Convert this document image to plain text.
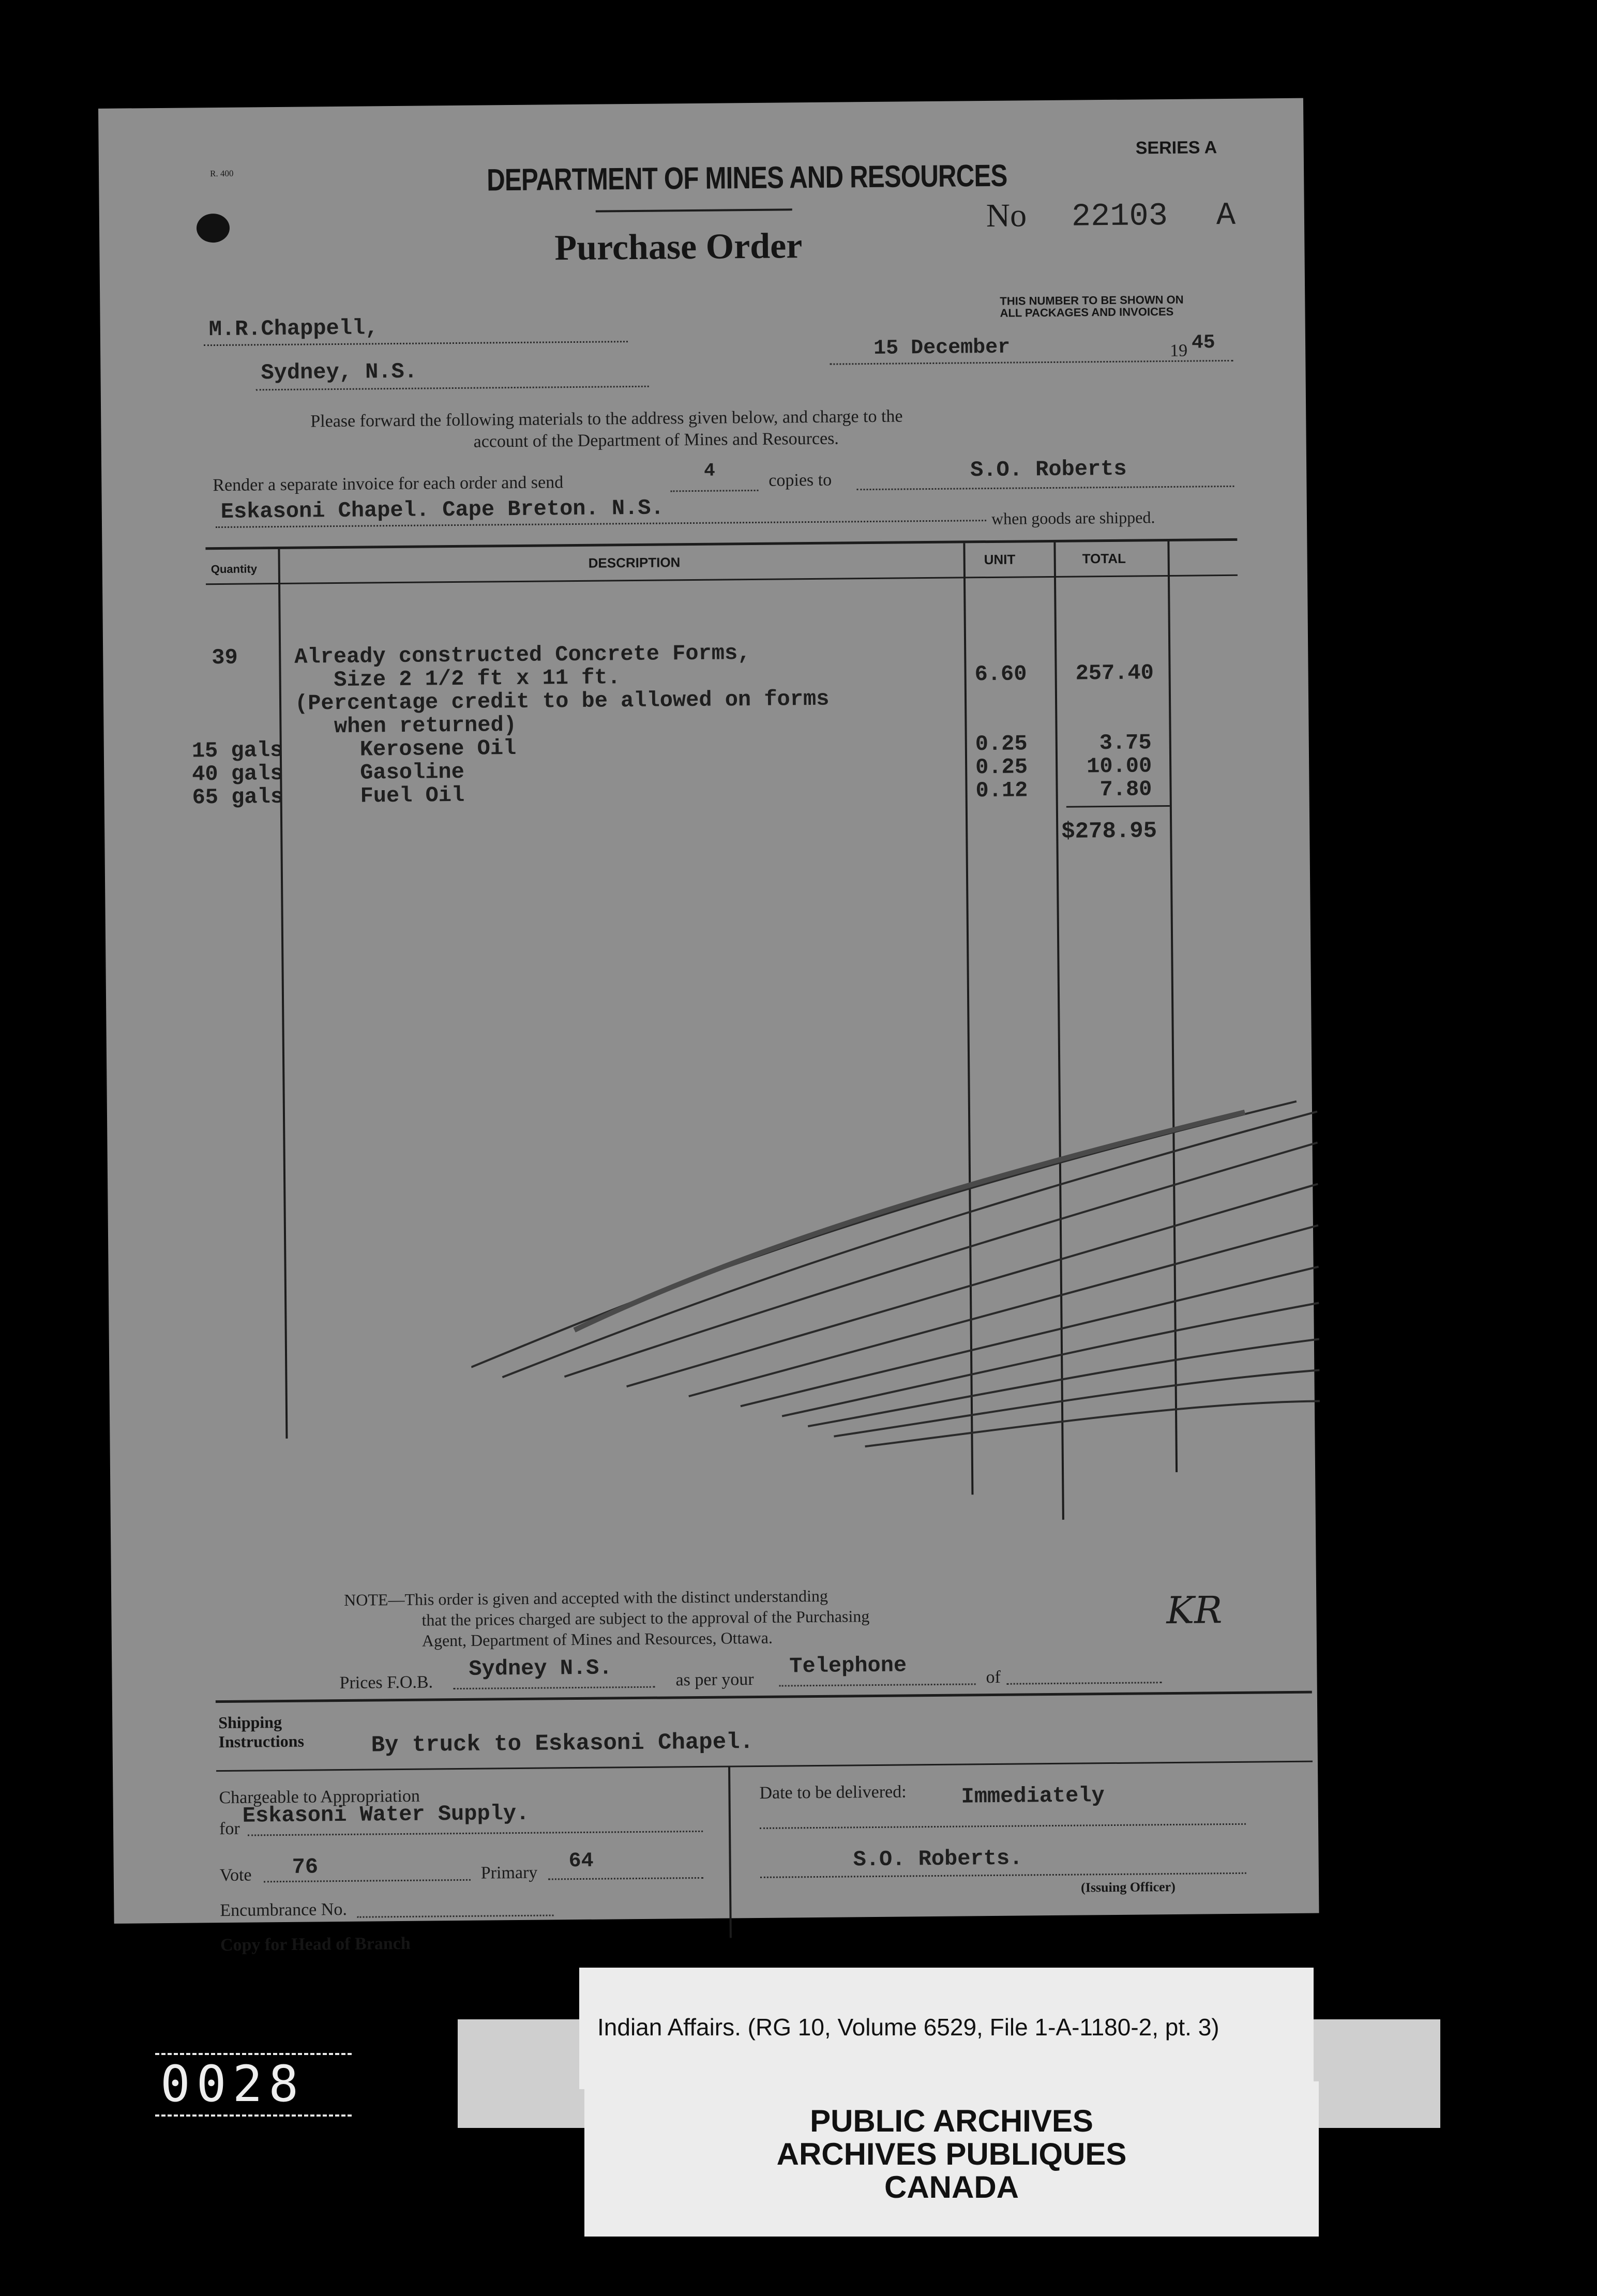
R. 400
SERIES A
DEPARTMENT OF MINES AND RESOURCES
Purchase Order
No 22103 A
THIS NUMBER TO BE SHOWN ON
ALL PACKAGES AND INVOICES
M.R.Chappell,
Sydney, N.S.
15 December	19 45
Please forward the following materials to the address given below, and charge to the
account of the Department of Mines and Resources.
Render a separate invoice for each order and send
4	copies to	S.O. Roberts
Eskasoni Chapel. Cape Breton. N.S.	when goods are shipped.
Quantity	DESCRIPTION	UNIT	TOTAL
39	Already constructed Concrete Forms,
Size 2 1/2 ft x 11 ft.	6.60 257.40
(Percentage credit to be allowed on forms
when returned)
15 gals	Kerosene Oil	0.25	3.75
40 gals	Gasoline	0.25	10.00
65 gals	Fuel Oil	0.12	7.80
$278.95
NOTE—This order is given and accepted with the distinct understanding
that the prices charged are subject to the approval of the Purchasing
Agent, Department of Mines and Resources, Ottawa.
Prices F.O.B.
Sydney N.S.	as per your
Telephone	of
KR
Shipping
Instructions	By truck to Eskasoni Chapel.
Chargeable to Appropriation
for
Eskasoni Water Supply.
Vote 76	Primary 64
Encumbrance No.
Copy for Head of Branch
Date to be delivered:	Immediately
S.O. Roberts.
(Issuing Officer)
Indian Affairs. (RG 10, Volume 6529, File 1-A-1180-2, pt. 3)
PUBLIC ARCHIVES
ARCHIVES PUBLIQUES
CANADA
0028
